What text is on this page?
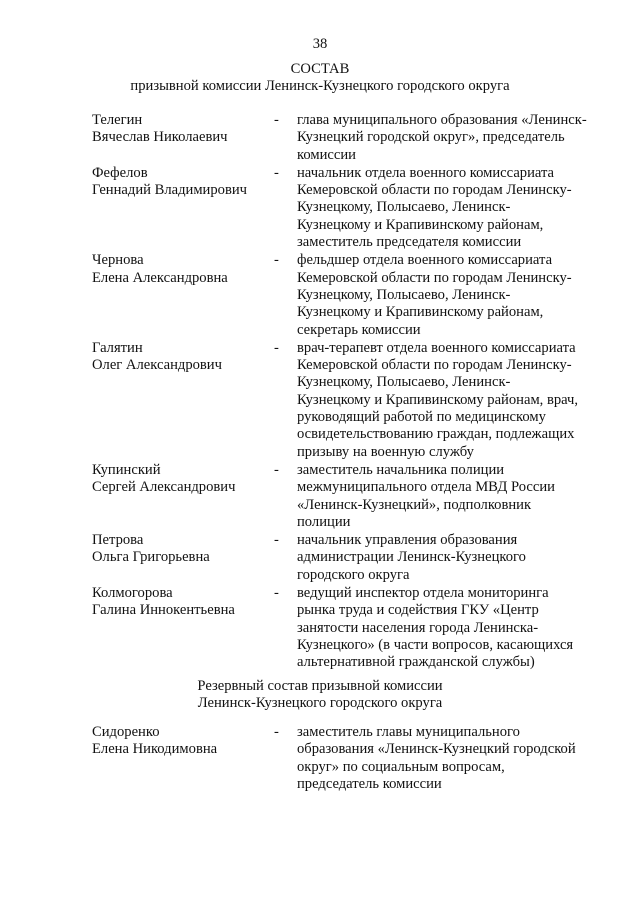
38
СОСТАВ
призывной комиссии Ленинск-Кузнецкого городского округа
Телегин
Вячеслав Николаевич
-	глава муниципального образования «Ленинск-
Кузнецкий городской округ», председатель
комиссии
Фефелов
Геннадий Владимирович
-	начальник отдела военного комиссариата
Кемеровской области по городам Ленинску-
Кузнецкому, Полысаево, Ленинск-
Кузнецкому и Крапивинскому районам,
заместитель председателя комиссии
Чернова
Елена Александровна
-	фельдшер отдела военного комиссариата
Кемеровской области по городам Ленинску-
Кузнецкому, Полысаево, Ленинск-
Кузнецкому и Крапивинскому районам,
секретарь комиссии
Галятин
Олег Александрович
-	врач-терапевт отдела военного комиссариата
Кемеровской области по городам Ленинску-
Кузнецкому, Полысаево, Ленинск-
Кузнецкому и Крапивинскому районам, врач,
руководящий работой по медицинскому
освидетельствованию граждан, подлежащих
призыву на военную службу
Купинский
Сергей Александрович
-	заместитель начальника полиции
межмуниципального отдела МВД России
«Ленинск-Кузнецкий», подполковник
полиции
Петрова
Ольга Григорьевна
-	начальник управления образования
администрации Ленинск-Кузнецкого
городского округа
Колмогорова
Галина Иннокентьевна
-	ведущий инспектор отдела мониторинга
рынка труда и содействия ГКУ «Центр
занятости населения города Ленинска-
Кузнецкого» (в части вопросов, касающихся
альтернативной гражданской службы)
Резервный состав призывной комиссии
Ленинск-Кузнецкого городского округа
Сидоренко
Елена Никодимовна
-	заместитель главы муниципального
образования «Ленинск-Кузнецкий городской
округ» по социальным вопросам,
председатель комиссии
